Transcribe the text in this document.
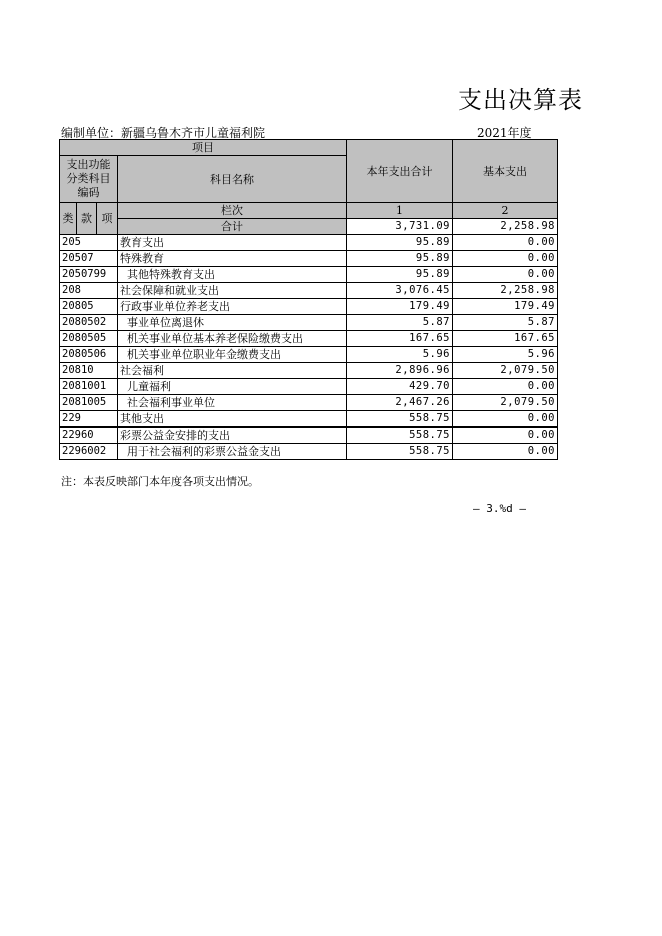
支出决算表
编制单位：新疆乌鲁木齐市儿童福利院	2021年度
项目				本年支出合计	基本支出
支出功能分类科目编码			科目名称		

类	款	项	栏次	1	2
			合计	3,731.09	2,258.98
205			教育支出	95.89	0.00
20507			特殊教育	95.89	0.00
2050799			其他特殊教育支出	95.89	0.00
208			社会保障和就业支出	3,076.45	2,258.98
20805			行政事业单位养老支出	179.49	179.49
2080502			事业单位离退休	5.87	5.87
2080505			机关事业单位基本养老保险缴费支出	167.65	167.65
2080506			机关事业单位职业年金缴费支出	5.96	5.96
20810			社会福利	2,896.96	2,079.50
2081001			儿童福利	429.70	0.00
2081005			社会福利事业单位	2,467.26	2,079.50
229			其他支出	558.75	0.00
22960			彩票公益金安排的支出	558.75	0.00
2296002			用于社会福利的彩票公益金支出	558.75	0.00
注：本表反映部门本年度各项支出情况。
— 3.%d —
